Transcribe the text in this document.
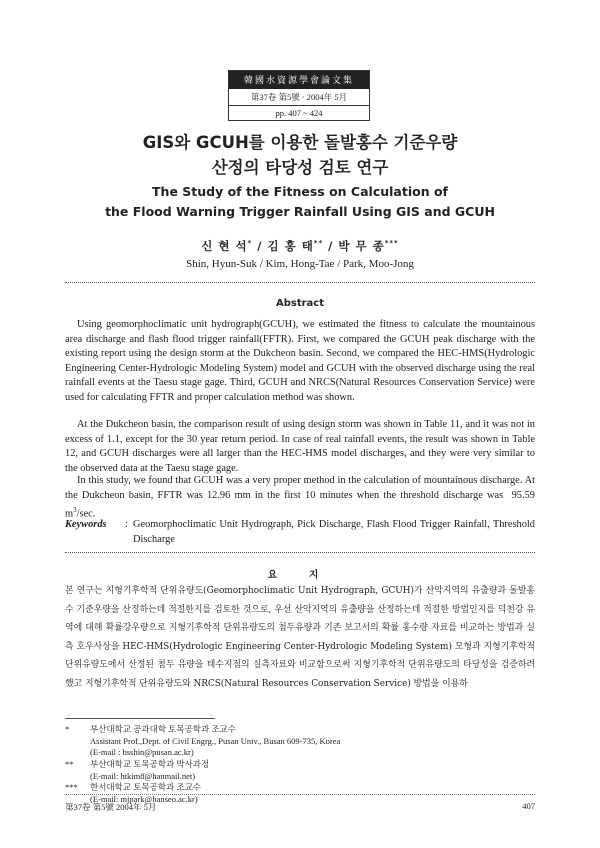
韓國水資源學會論文集
第37卷 第5號 · 2004年 5月
pp. 407 ~ 424
GIS와 GCUH를 이용한 돌발홍수 기준우량
산정의 타당성 검토 연구
The Study of the Fitness on Calculation of
the Flood Warning Trigger Rainfall Using GIS and GCUH
신 현 석* / 김 홍 태** / 박 무 종***
Shin, Hyun-Suk / Kim, Hong-Tae / Park, Moo-Jong
Abstract

Using geomorphoclimatic unit hydrograph(GCUH), we estimated the fitness to calculate the mountainous area discharge and flash flood trigger rainfall(FFTR). First, we compared the GCUH peak discharge with the existing report using the design storm at the Dukcheon basin. Second, we compared the HEC-HMS(Hydrologic Engineering Center-Hydrologic Modeling System) model and GCUH with the observed discharge using the real rainfall events at the Taesu stage gage. Third, GCUH and NRCS(Natural Resources Conservation Service) were used for calculating FFTR and proper calculation method was shown.

At the Dukcheon basin, the comparison result of using design storm was shown in Table 11, and it was not in excess of 1.1, except for the 30 year return period. In case of real rainfall events, the result was shown in Table 12, and GCUH discharges were all larger than the HEC-HMS model discharges, and they were very similar to the observed data at the Taesu stage gage.

In this study, we found that GCUH was a very proper method in the calculation of mountainous discharge. At the Dukcheon basin, FFTR was 12.96 mm in the first 10 minutes when the threshold discharge was 95.59 $m^3/\sec$.

Keywords : Geomorphoclimatic Unit Hydrograph, Pick Discharge, Flash Flood Trigger Rainfall, Threshold Discharge
요 지

본 연구는 지형기후학적 단위유량도(Geomorphoclimatic Unit Hydrograph, GCUH)가 산악지역의 유출량과 돌발홍수 기준우량을 산정하는데 적절한지를 검토한 것으로, 우선 산악지역의 유출량을 산정하는데 적절한 방법인지를 덕천강 유역에 대해 확률강우량으로 지형기후학적 단위유량도의 첨두유량과 기존 보고서의 확률 홍수량 자료를 비교하는 방법과 실측 호우사상을 HEC-HMS(Hydrologic Engineering Center-Hydrologic Modeling System) 모형과 지형기후학적 단위유량도에서 산정된 첨두 유량을 태수지점의 실측자료와 비교함으로써 지형기후학적 단위유량도의 타당성을 검증하려했고 지형기후학적 단위유량도와 NRCS(Natural Resources Conservation Service) 방법을 이용하

* 부산대학교 공과대학 토목공학과 조교수
Assistant Prof.,Dept. of Civil Engrg., Pusan Univ., Busan 609-735, Korea
(E-mail : hsshin@pusan.ac.kr)
** 부산대학교 토목공학과 박사과정
(E-mail: htkim8@hanmail.net)
*** 한서대학교 토목공학과 조교수
(E-mail: mjpark@hanseo.ac.kr)
第37卷 第5號 2004年 5月	407
